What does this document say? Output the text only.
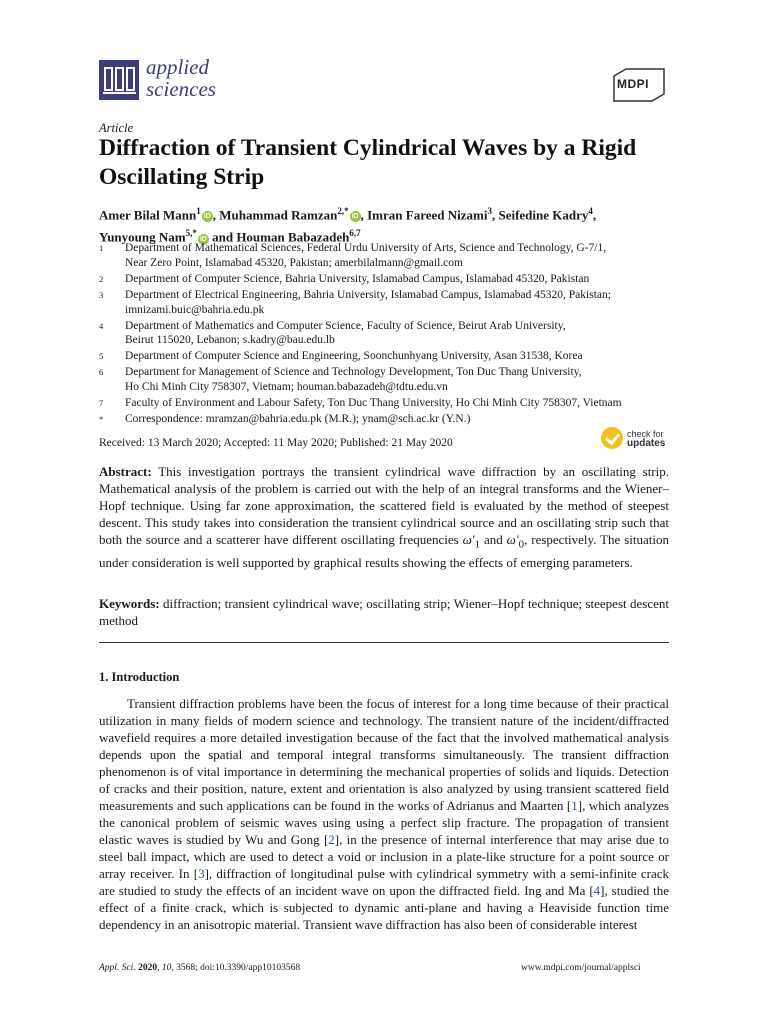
applied
sciences	MDPI
Article
Diffraction of Transient Cylindrical Waves by a Rigid Oscillating Strip
Amer Bilal Mann$^1$iD , Muhammad Ramzan$^{2,*}$iD , Imran Fareed Nizami$^3$, Seifedine Kadry$^4$,
Yunyoung Nam$^{5,*}$iD and Houman Babazadeh$^{6,7}$
1	Department of Mathematical Sciences, Federal Urdu University of Arts, Science and Technology, G-7/1,
Near Zero Point, Islamabad 45320, Pakistan; amerbilalmann@gmail.com
2	Department of Computer Science, Bahria University, Islamabad Campus, Islamabad 45320, Pakistan
3	Department of Electrical Engineering, Bahria University, Islamabad Campus, Islamabad 45320, Pakistan;
imnizami.buic@bahria.edu.pk
4	Department of Mathematics and Computer Science, Faculty of Science, Beirut Arab University,
Beirut 115020, Lebanon; s.kadry@bau.edu.lb
5	Department of Computer Science and Engineering, Soonchunhyang University, Asan 31538, Korea
6	Department for Management of Science and Technology Development, Ton Duc Thang University,
Ho Chi Minh City 758307, Vietnam; houman.babazadeh@tdtu.edu.vn
7	Faculty of Environment and Labour Safety, Ton Duc Thang University, Ho Chi Minh City 758307, Vietnam
*	Correspondence: mramzan@bahria.edu.pk (M.R.); ynam@sch.ac.kr (Y.N.)
Received: 13 March 2020; Accepted: 11 May 2020; Published: 21 May 2020
check for
updates
Abstract: This investigation portrays the transient cylindrical wave diffraction by an oscillating strip. Mathematical analysis of the problem is carried out with the help of an integral transforms and the Wiener–Hopf technique. Using far zone approximation, the scattered field is evaluated by the method of steepest descent. This study takes into consideration the transient cylindrical source and an oscillating strip such that both the source and a scatterer have different oscillating frequencies $\omega'_1$ and $\omega'_0$, respectively. The situation under consideration is well supported by graphical results showing the effects of emerging parameters.
Keywords: diffraction; transient cylindrical wave; oscillating strip; Wiener–Hopf technique; steepest descent method
1. Introduction
Transient diffraction problems have been the focus of interest for a long time because of their practical utilization in many fields of modern science and technology. The transient nature of the incident/diffracted wavefield requires a more detailed investigation because of the fact that the involved mathematical analysis depends upon the spatial and temporal integral transforms simultaneously. The transient diffraction phenomenon is of vital importance in determining the mechanical properties of solids and liquids. Detection of cracks and their position, nature, extent and orientation is also analyzed by using transient scattered field measurements and such applications can be found in the works of Adrianus and Maarten [1], which analyzes the canonical problem of seismic waves using using a perfect slip fracture. The propagation of transient elastic waves is studied by Wu and Gong [2], in the presence of internal interference that may arise due to steel ball impact, which are used to detect a void or inclusion in a plate-like structure for a point source or array receiver. In [3], diffraction of longitudinal pulse with cylindrical symmetry with a semi-infinite crack are studied to study the effects of an incident wave on upon the diffracted field. Ing and Ma [4], studied the effect of a finite crack, which is subjected to dynamic anti-plane and having a Heaviside function time dependency in an anisotropic material. Transient wave diffraction has also been of considerable interest
Appl. Sci. 2020, 10, 3568; doi:10.3390/app10103568	www.mdpi.com/journal/applsci
